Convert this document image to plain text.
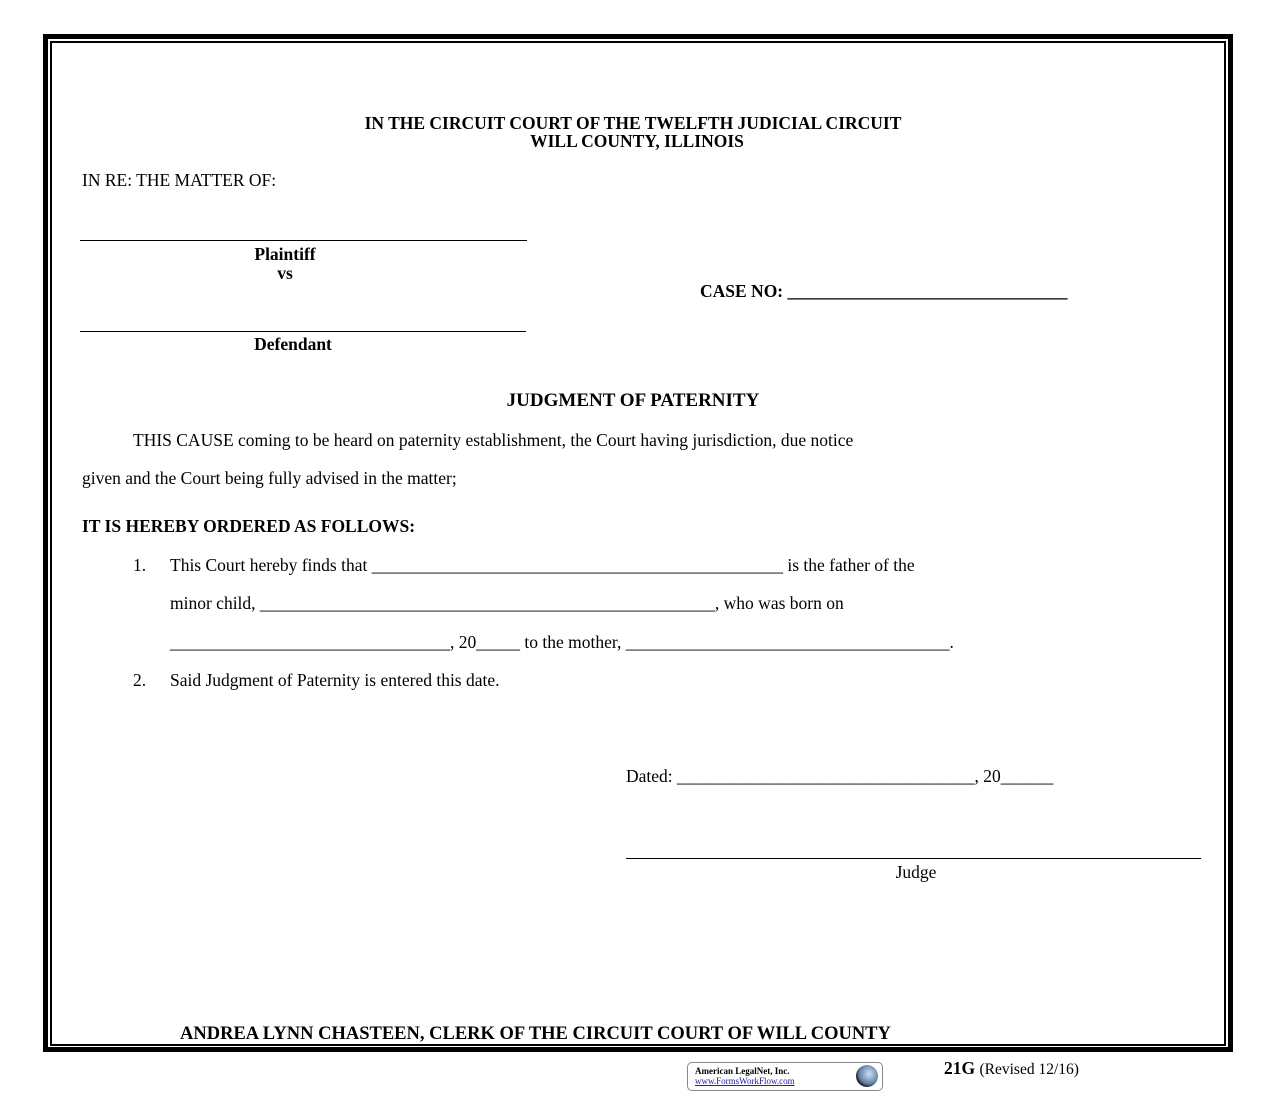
IN THE CIRCUIT COURT OF THE TWELFTH JUDICIAL CIRCUIT
WILL COUNTY, ILLINOIS
IN RE: THE MATTER OF:
Plaintiff
vs
CASE NO: ________________________________
Defendant
JUDGMENT OF PATERNITY
THIS CAUSE coming to be heard on paternity establishment, the Court having jurisdiction, due notice
given and the Court being fully advised in the matter;
IT IS HEREBY ORDERED AS FOLLOWS:
1. This Court hereby finds that _______________________________________________ is the father of the
minor child, ____________________________________________________, who was born on
________________________________, 20_____ to the mother, _____________________________________.
2. Said Judgment of Paternity is entered this date.
Dated: __________________________________, 20______
Judge
ANDREA LYNN CHASTEEN, CLERK OF THE CIRCUIT COURT OF WILL COUNTY
American LegalNet, Inc.
www.FormsWorkFlow.com
21G (Revised 12/16)
